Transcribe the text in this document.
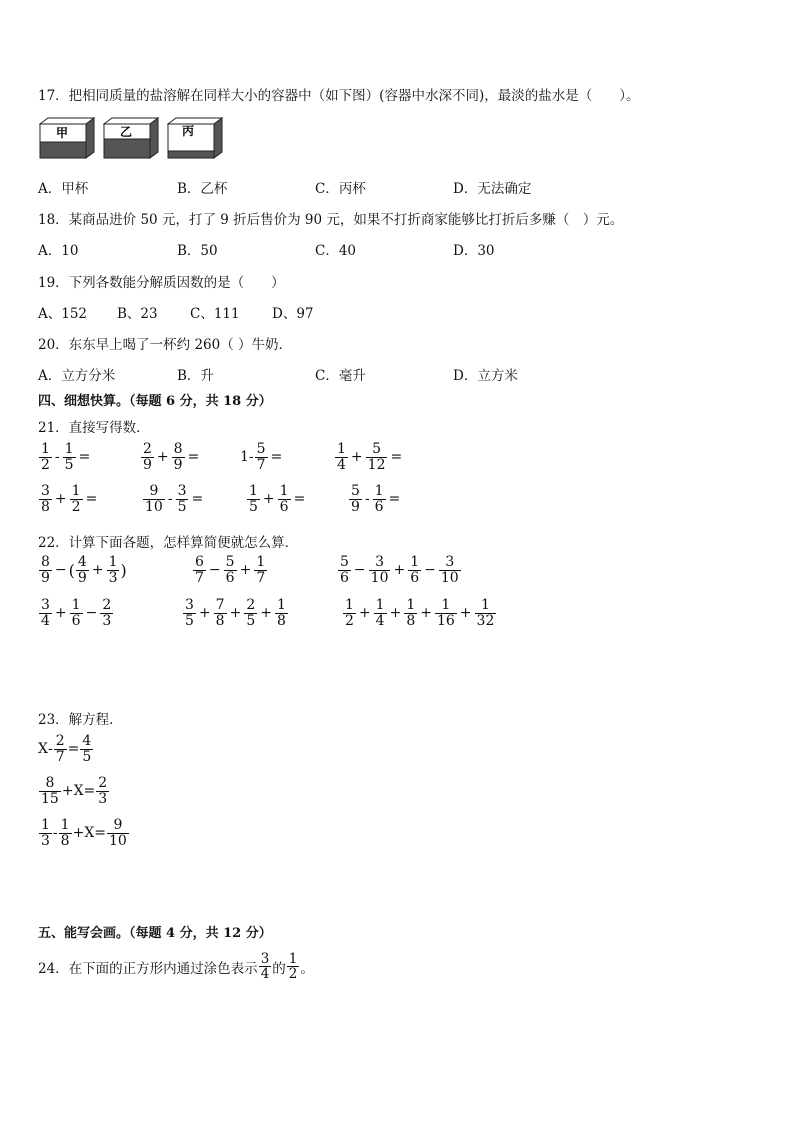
17．把相同质量的盐溶解在同样大小的容器中（如下图）(容器中水深不同)，最淡的盐水是（　　）。
甲	乙	丙
A．甲杯	B．乙杯	C．丙杯	D．无法确定
18．某商品进价 50 元，打了 9 折后售价为 90 元，如果不打折商家能够比打折后多赚（　）元。
A．10	B．50	C．40	D．30
19．下列各数能分解质因数的是（　　）
A、152 B、23 C、111 D、97
20．东东早上喝了一杯约 260（ ）牛奶．
A．立方分米	B．升	C．毫升	D．立方米
四、细想快算。（每题 6 分，共 18 分）
21．直接写得数．
$\frac{1}{2} - \frac{1}{5}$ =	$\frac{2}{9} + \frac{8}{9}$ =	$1- \frac{5}{7}$ =	$\frac{1}{4} + \frac{5}{12}$ =
$\frac{3}{8} + \frac{1}{2}$ =	$\frac{9}{10} - \frac{3}{5}$ =	$\frac{1}{5} + \frac{1}{6}$ =	$\frac{5}{9} - \frac{1}{6}$ =
22．计算下面各题，怎样算简便就怎么算．
$\frac{8}{9}$ − ( $\frac{4}{9} + \frac{1}{3}$ )	$\frac{6}{7} - \frac{5}{6} + \frac{1}{7}$	$\frac{5}{6} - \frac{3}{10} + \frac{1}{6} - \frac{3}{10}$
$\frac{3}{4} + \frac{1}{6} - \frac{2}{3}$	$\frac{3}{5} + \frac{7}{8} + \frac{2}{5} + \frac{1}{8}$	$\frac{1}{2} + \frac{1}{4} + \frac{1}{8} + \frac{1}{16} + \frac{1}{32}$
23．解方程．
$X - \frac{2}{7} = \frac{4}{5}$
$\frac{8}{15} + X = \frac{2}{3}$
$\frac{1}{3} - \frac{1}{8} + X = \frac{9}{10}$
五、能写会画。（每题 4 分，共 12 分）
24．在下面的正方形内通过涂色表示 $\frac{3}{4}$ 的 $\frac{1}{2}$ 。
